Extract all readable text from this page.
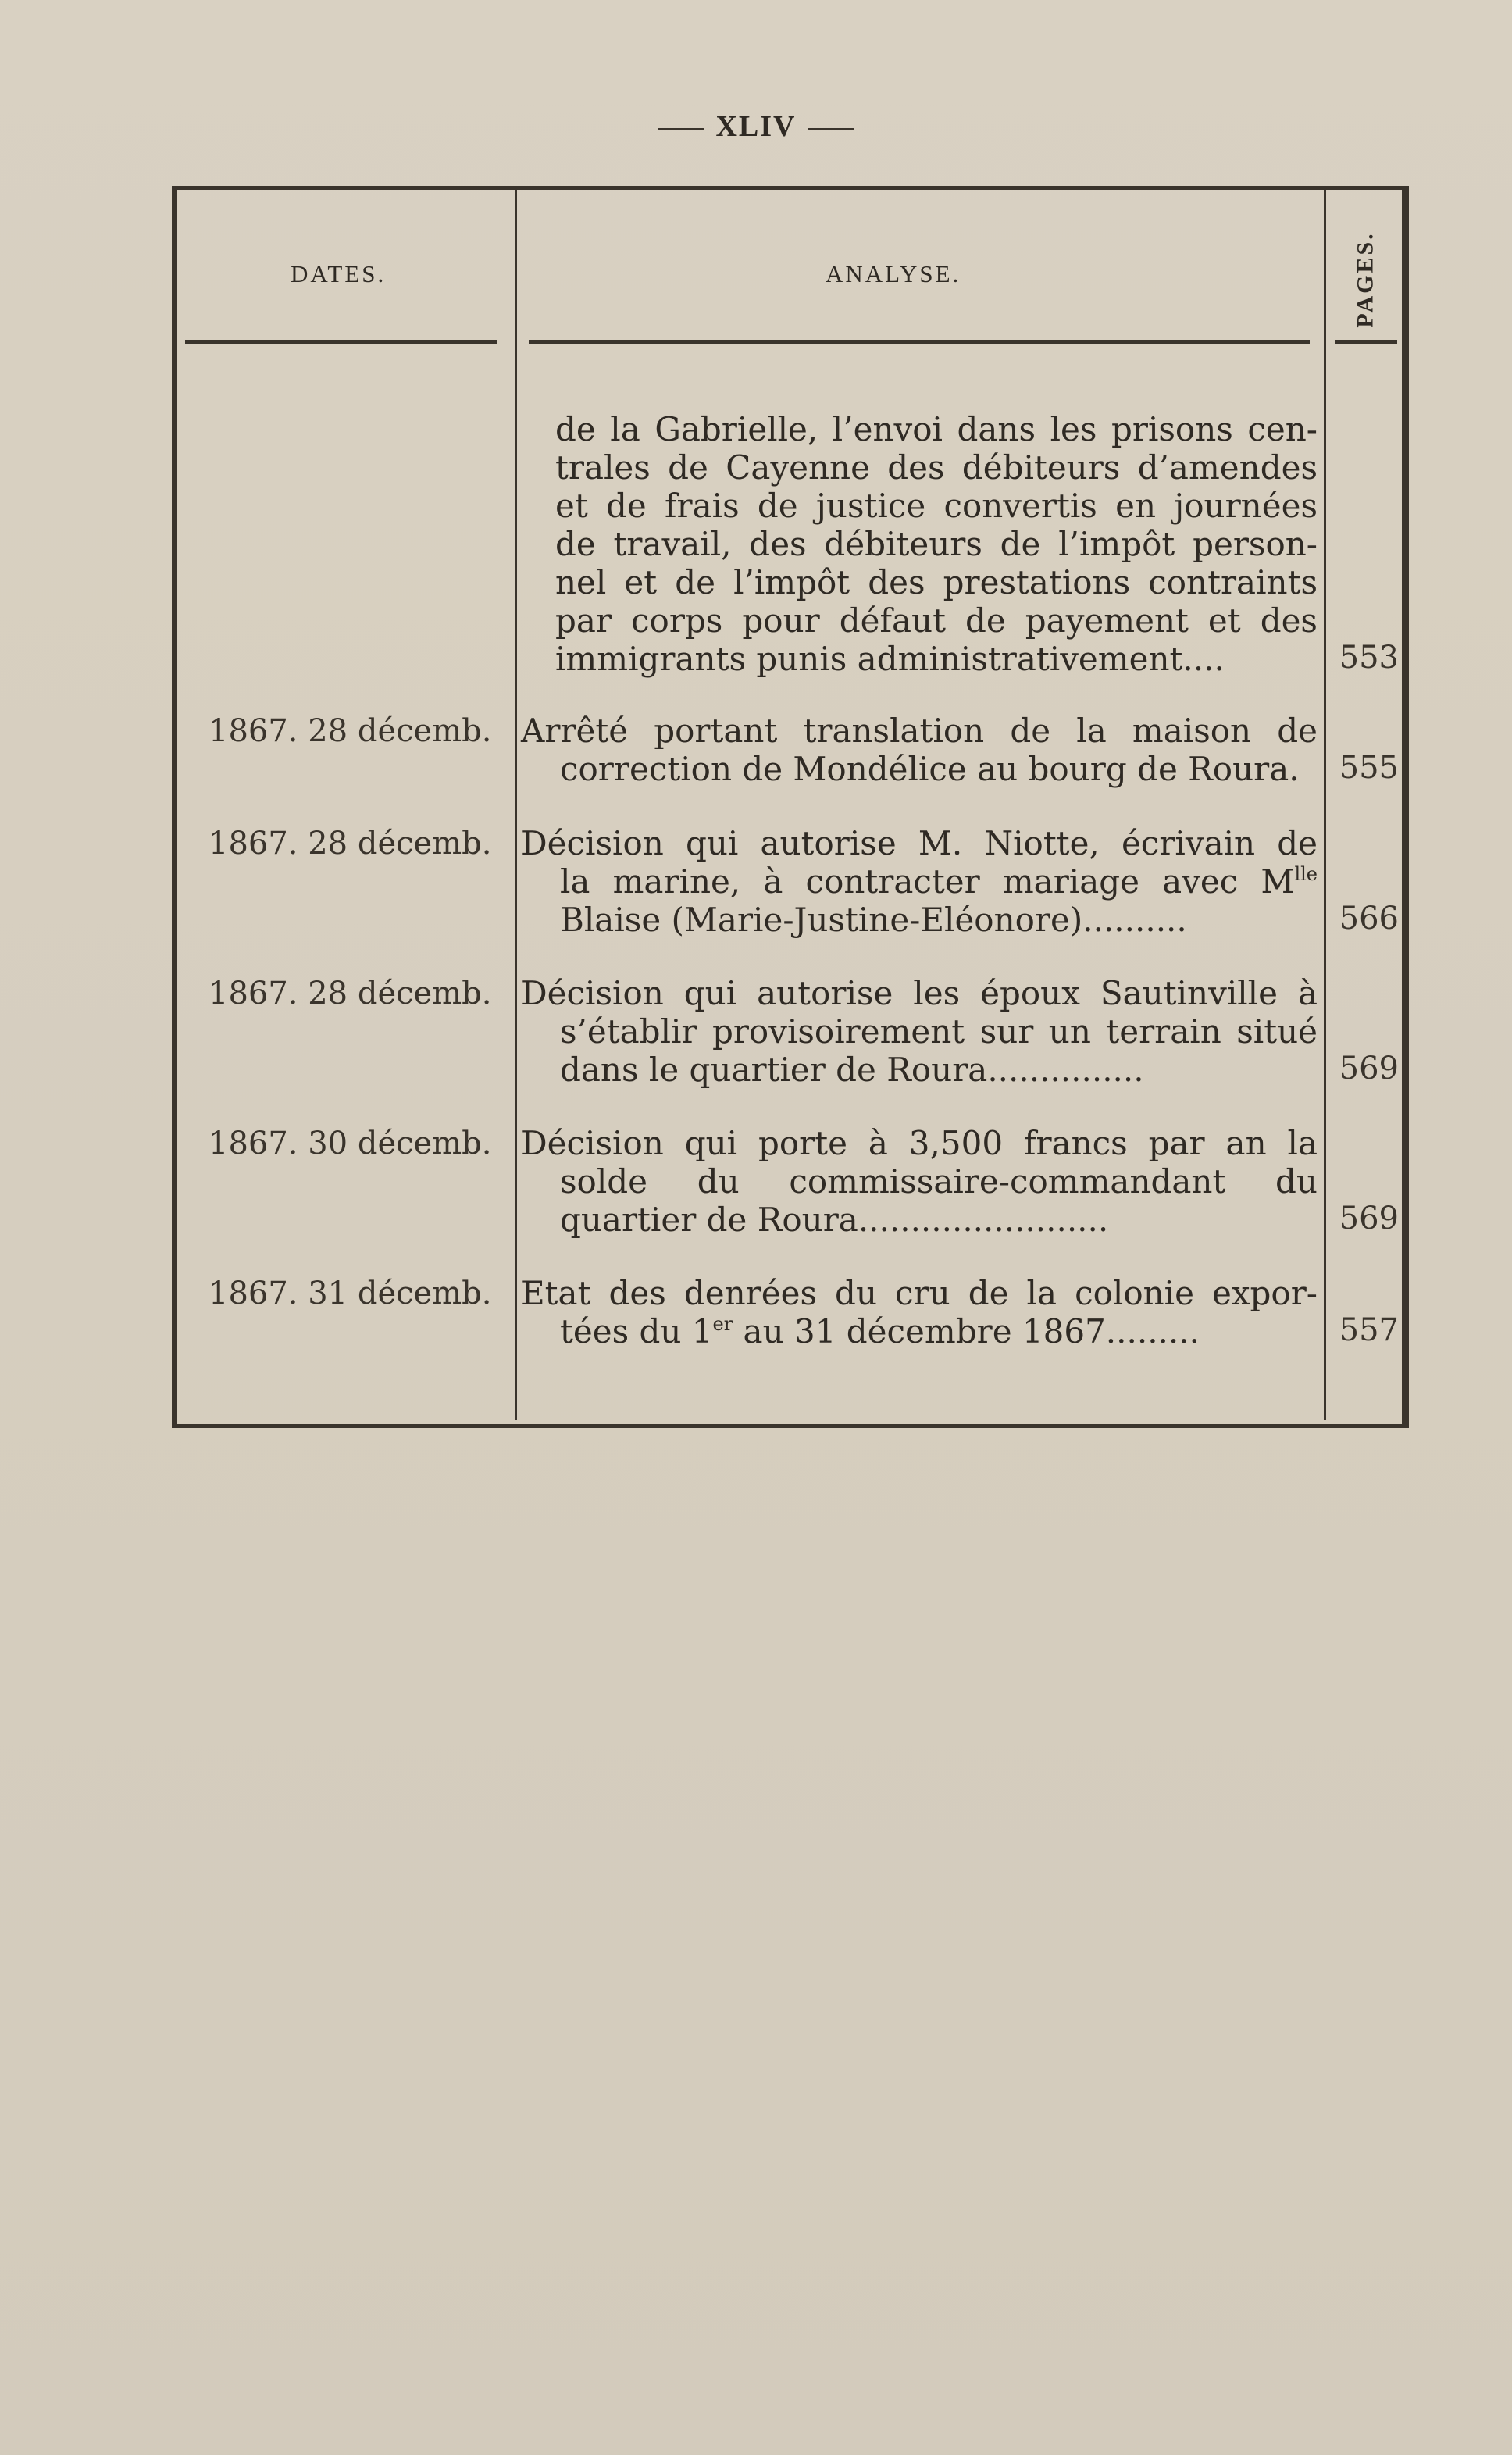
XLIV
DATES.	ANALYSE.	PAGES.
de la Gabrielle, l’envoi dans les prisons cen-
trales de Cayenne des débiteurs d’amendes
et de frais de justice convertis en journées
de travail, des débiteurs de l’impôt person-
nel et de l’impôt des prestations contraints
par corps pour défaut de payement et des
immigrants punis administrativement....	553
1867. 28 décemb. Arrêté portant translation de la maison de
correction de Mondélice au bourg de Roura.	555
1867. 28 décemb. Décision qui autorise M. Niotte, écrivain de
la marine, à contracter mariage avec $M^{lle}$
Blaise (Marie-Justine-Eléonore)..........	566
1867. 28 décemb. Décision qui autorise les époux Sautinville à
s’établir provisoirement sur un terrain situé
dans le quartier de Roura...............	569
1867. 30 décemb. Décision qui porte à 3,500 francs par an la
solde du commissaire-commandant du
quartier de Roura........................	569
1867. 31 décemb. Etat des denrées du cru de la colonie expor-
tées du 1er au 31 décembre 1867.........	557
